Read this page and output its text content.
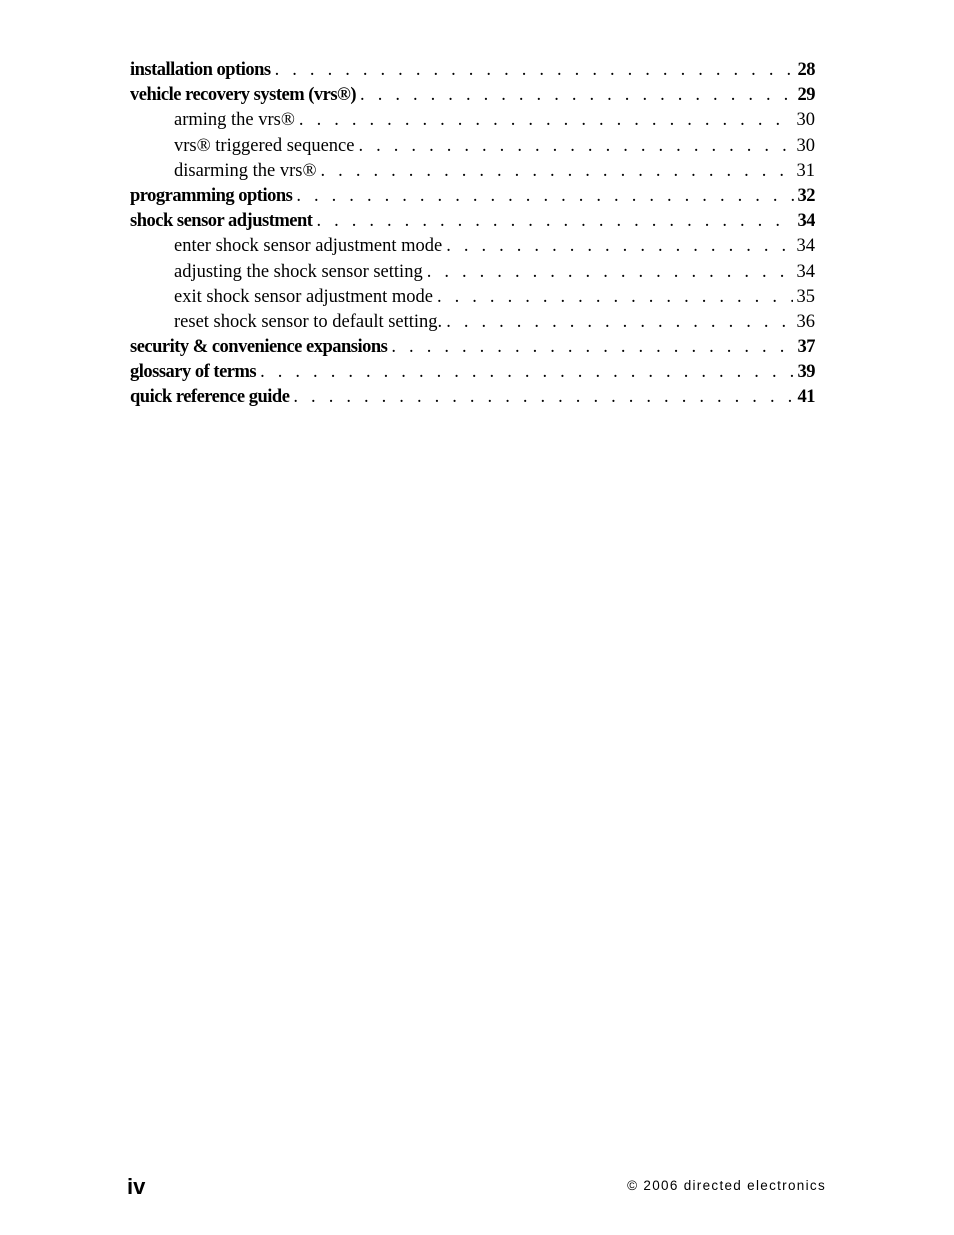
installation options . . .	28
vehicle recovery system (vrs®) . . .	29
arming the vrs® . . .	30
vrs® triggered sequence . . .	30
disarming the vrs® . . .	31
programming options . . .	32
shock sensor adjustment . . .	34
enter shock sensor adjustment mode . . .	34
adjusting the shock sensor setting . . .	34
exit shock sensor adjustment mode . . .	35
reset shock sensor to default setting. . . .	36
security & convenience expansions . . .	37
glossary of terms . . .	39
quick reference guide . . .	41
iv	© 2006 directed electronics
